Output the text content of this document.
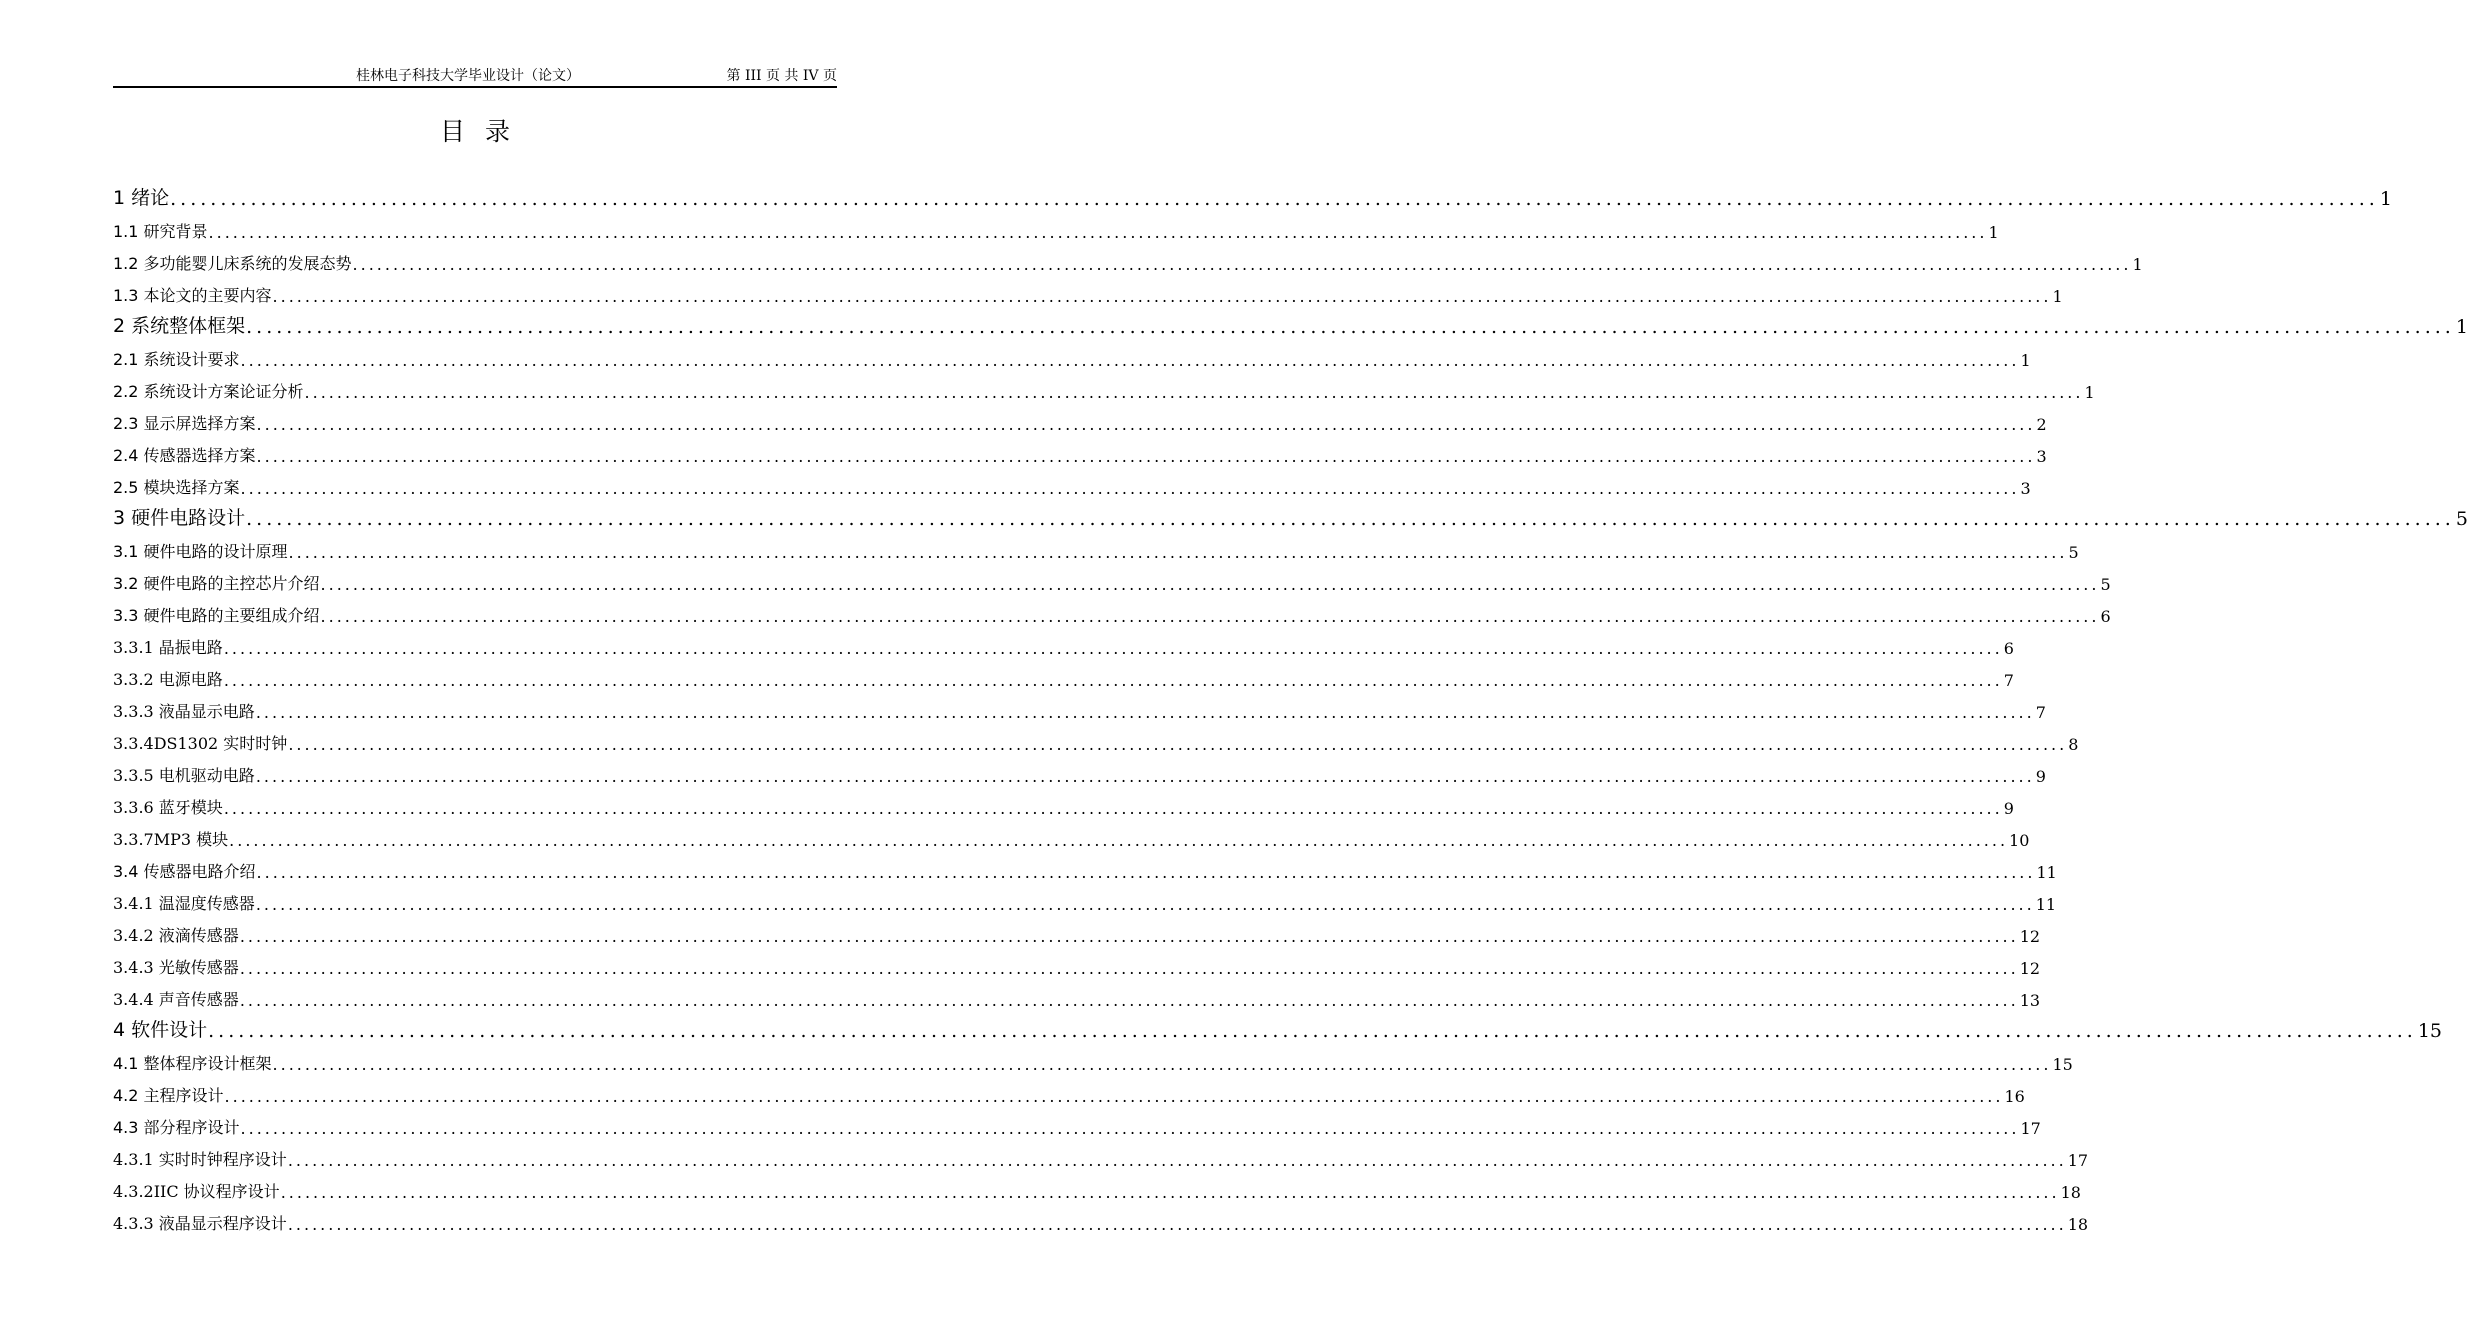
桂林电子科技大学毕业设计（论文）	第 III 页 共 IV 页
目录
1 绪论 ............................................................................................................................................................................................................................ 1
1.1 研究背景 ............................................................................................................................................................................................................................ 1
1.2 多功能婴儿床系统的发展态势 ............................................................................................................................................................................................................................ 1
1.3 本论文的主要内容 ............................................................................................................................................................................................................................ 1
2 系统整体框架 ............................................................................................................................................................................................................................ 1
2.1 系统设计要求 ............................................................................................................................................................................................................................ 1
2.2 系统设计方案论证分析 ............................................................................................................................................................................................................................ 1
2.3 显示屏选择方案 ............................................................................................................................................................................................................................ 2
2.4 传感器选择方案 ............................................................................................................................................................................................................................ 3
2.5 模块选择方案 ............................................................................................................................................................................................................................ 3
3 硬件电路设计 ............................................................................................................................................................................................................................ 5
3.1 硬件电路的设计原理 ............................................................................................................................................................................................................................ 5
3.2 硬件电路的主控芯片介绍 ............................................................................................................................................................................................................................ 5
3.3 硬件电路的主要组成介绍 ............................................................................................................................................................................................................................ 6
3.3.1 晶振电路 ............................................................................................................................................................................................................................ 6
3.3.2 电源电路 ............................................................................................................................................................................................................................ 7
3.3.3 液晶显示电路 ............................................................................................................................................................................................................................ 7
3.3.4DS1302 实时时钟 ............................................................................................................................................................................................................................ 8
3.3.5 电机驱动电路 ............................................................................................................................................................................................................................ 9
3.3.6 蓝牙模块 ............................................................................................................................................................................................................................ 9
3.3.7MP3 模块 ............................................................................................................................................................................................................................ 10
3.4 传感器电路介绍 ............................................................................................................................................................................................................................ 11
3.4.1 温湿度传感器 ............................................................................................................................................................................................................................ 11
3.4.2 液滴传感器 ............................................................................................................................................................................................................................ 12
3.4.3 光敏传感器 ............................................................................................................................................................................................................................ 12
3.4.4 声音传感器 ............................................................................................................................................................................................................................ 13
4 软件设计 ............................................................................................................................................................................................................................ 15
4.1 整体程序设计框架 ............................................................................................................................................................................................................................ 15
4.2 主程序设计 ............................................................................................................................................................................................................................ 16
4.3 部分程序设计 ............................................................................................................................................................................................................................ 17
4.3.1 实时时钟程序设计 ............................................................................................................................................................................................................................ 17
4.3.2IIC 协议程序设计 ............................................................................................................................................................................................................................ 18
4.3.3 液晶显示程序设计 ............................................................................................................................................................................................................................ 18
